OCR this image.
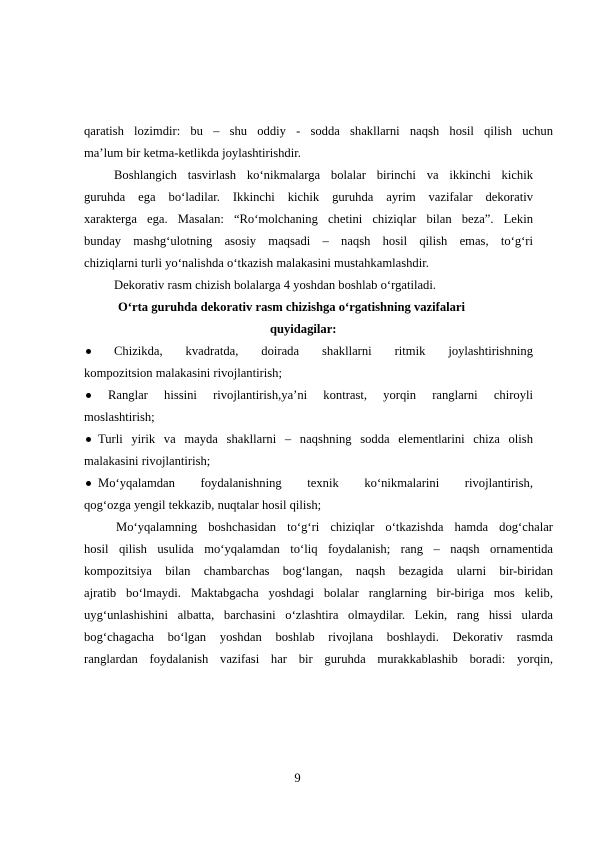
qaratish lozimdir: bu – shu oddiy - sodda shakllarni naqsh hosil qilish uchun
ma’lum bir ketma-ketlikda joylashtirishdir.
Boshlangich tasvirlash ko‘nikmalarga bolalar birinchi va ikkinchi kichik
guruhda ega bo‘ladilar. Ikkinchi kichik guruhda ayrim vazifalar dekorativ
xarakterga ega. Masalan: “Ro‘molchaning chetini chiziqlar bilan beza”. Lekin
bunday mashg‘ulotning asosiy maqsadi – naqsh hosil qilish emas, to‘g‘ri
chiziqlarni turli yo‘nalishda o‘tkazish malakasini mustahkamlashdir.
Dekorativ rasm chizish bolalarga 4 yoshdan boshlab o‘rgatiladi.
O‘rta guruhda dekorativ rasm chizishga o‘rgatishning vazifalari
quyidagilar:
Chizikda, kvadratda, doirada shakllarni ritmik joylashtirishning
kompozitsion malakasini rivojlantirish;
Ranglar hissini rivojlantirish,ya’ni kontrast, yorqin ranglarni chiroyli
moslashtirish;
Turli yirik va mayda shakllarni – naqshning sodda elementlarini chiza olish
malakasini rivojlantirish;
Mo‘yqalamdan foydalanishning texnik ko‘nikmalarini rivojlantirish,
qog‘ozga yengil tekkazib, nuqtalar hosil qilish;
Mo‘yqalamning boshchasidan to‘g‘ri chiziqlar o‘tkazishda hamda dog‘chalar
hosil qilish usulida mo‘yqalamdan to‘liq foydalanish; rang – naqsh ornamentida
kompozitsiya bilan chambarchas bog‘langan, naqsh bezagida ularni bir-biridan
ajratib bo‘lmaydi. Maktabgacha yoshdagi bolalar ranglarning bir-biriga mos kelib,
uyg‘unlashishini albatta, barchasini o‘zlashtira olmaydilar. Lekin, rang hissi ularda
bog‘chagacha bo‘lgan yoshdan boshlab rivojlana boshlaydi. Dekorativ rasmda
ranglardan foydalanish vazifasi har bir guruhda murakkablashib boradi: yorqin,
9
